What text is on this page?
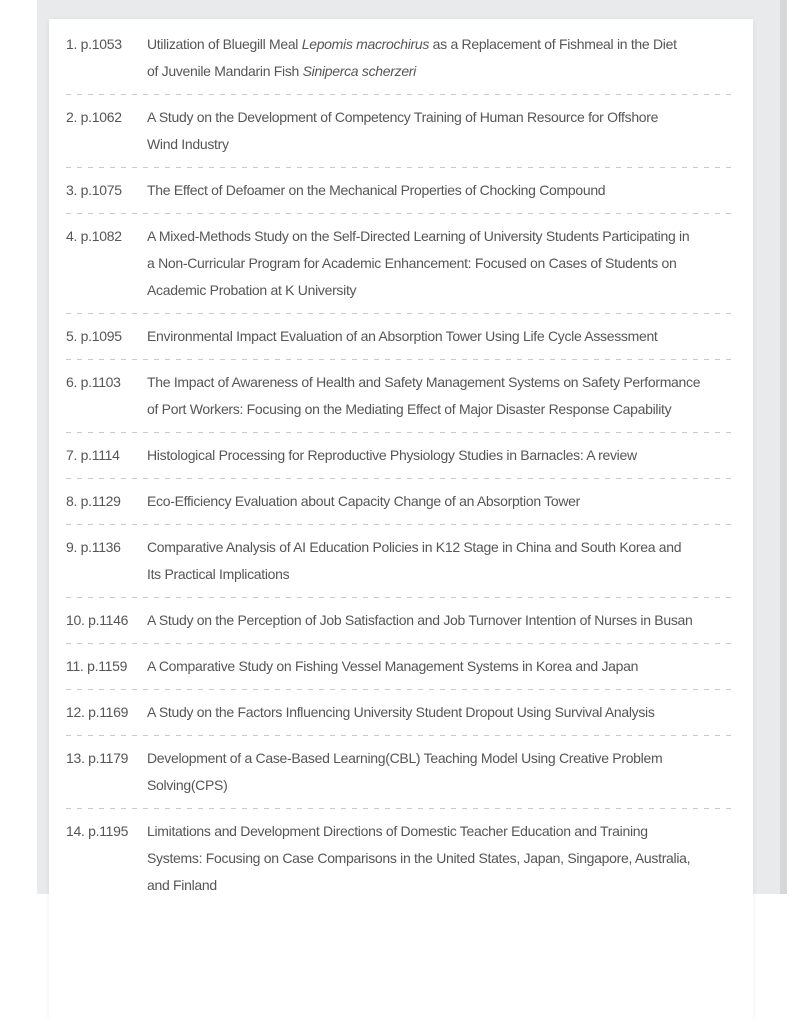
1. p.1053	Utilization of Bluegill Meal Lepomis macrochirus as a Replacement of Fishmeal in the Diet
of Juvenile Mandarin Fish Siniperca scherzeri
2. p.1062	A Study on the Development of Competency Training of Human Resource for Offshore
Wind Industry
3. p.1075	The Effect of Defoamer on the Mechanical Properties of Chocking Compound
4. p.1082	A Mixed-Methods Study on the Self-Directed Learning of University Students Participating in
a Non-Curricular Program for Academic Enhancement: Focused on Cases of Students on
Academic Probation at K University
5. p.1095	Environmental Impact Evaluation of an Absorption Tower Using Life Cycle Assessment
6. p.1103	The Impact of Awareness of Health and Safety Management Systems on Safety Performance
of Port Workers: Focusing on the Mediating Effect of Major Disaster Response Capability
7. p.1114	Histological Processing for Reproductive Physiology Studies in Barnacles: A review
8. p.1129	Eco-Efficiency Evaluation about Capacity Change of an Absorption Tower
9. p.1136	Comparative Analysis of AI Education Policies in K12 Stage in China and South Korea and
Its Practical Implications
10. p.1146	A Study on the Perception of Job Satisfaction and Job Turnover Intention of Nurses in Busan
11. p.1159	A Comparative Study on Fishing Vessel Management Systems in Korea and Japan
12. p.1169	A Study on the Factors Influencing University Student Dropout Using Survival Analysis
13. p.1179	Development of a Case-Based Learning(CBL) Teaching Model Using Creative Problem
Solving(CPS)
14. p.1195	Limitations and Development Directions of Domestic Teacher Education and Training
Systems: Focusing on Case Comparisons in the United States, Japan, Singapore, Australia,
and Finland
